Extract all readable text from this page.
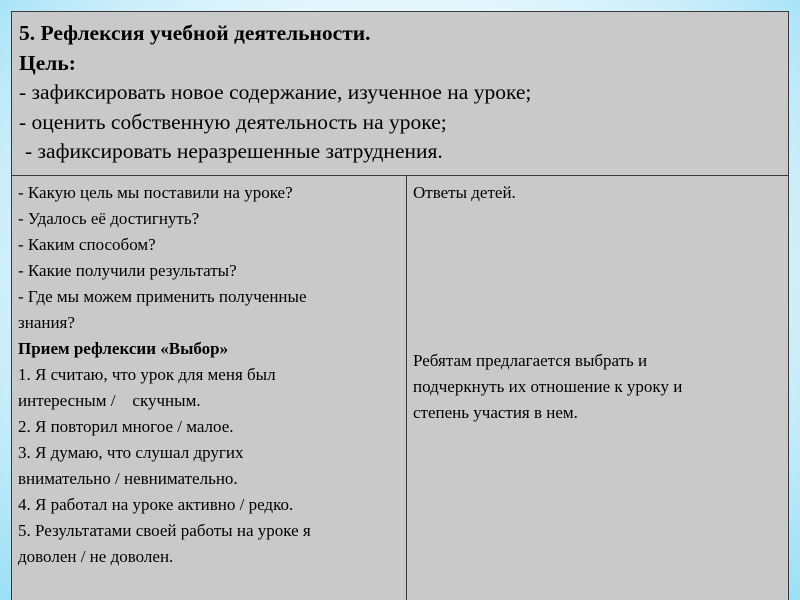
5. Рефлексия учебной деятельности.
Цель:
- зафиксировать новое содержание, изученное на уроке;
- оценить собственную деятельность на уроке;
- зафиксировать неразрешенные затруднения.
- Какую цель мы поставили на уроке?
- Удалось её достигнуть?
- Каким способом?
- Какие получили результаты?
- Где мы можем применить полученные
знания?
Прием рефлексии «Выбор»
1. Я считаю, что урок для меня был
интересным /    скучным.
2. Я повторил многое / малое.
3. Я думаю, что слушал других
внимательно / невнимательно.
4. Я работал на уроке активно / редко.
5. Результатами своей работы на уроке я
доволен / не доволен.
Ответы детей.
Ребятам предлагается выбрать и
подчеркнуть их отношение к уроку и
степень участия в нем.
